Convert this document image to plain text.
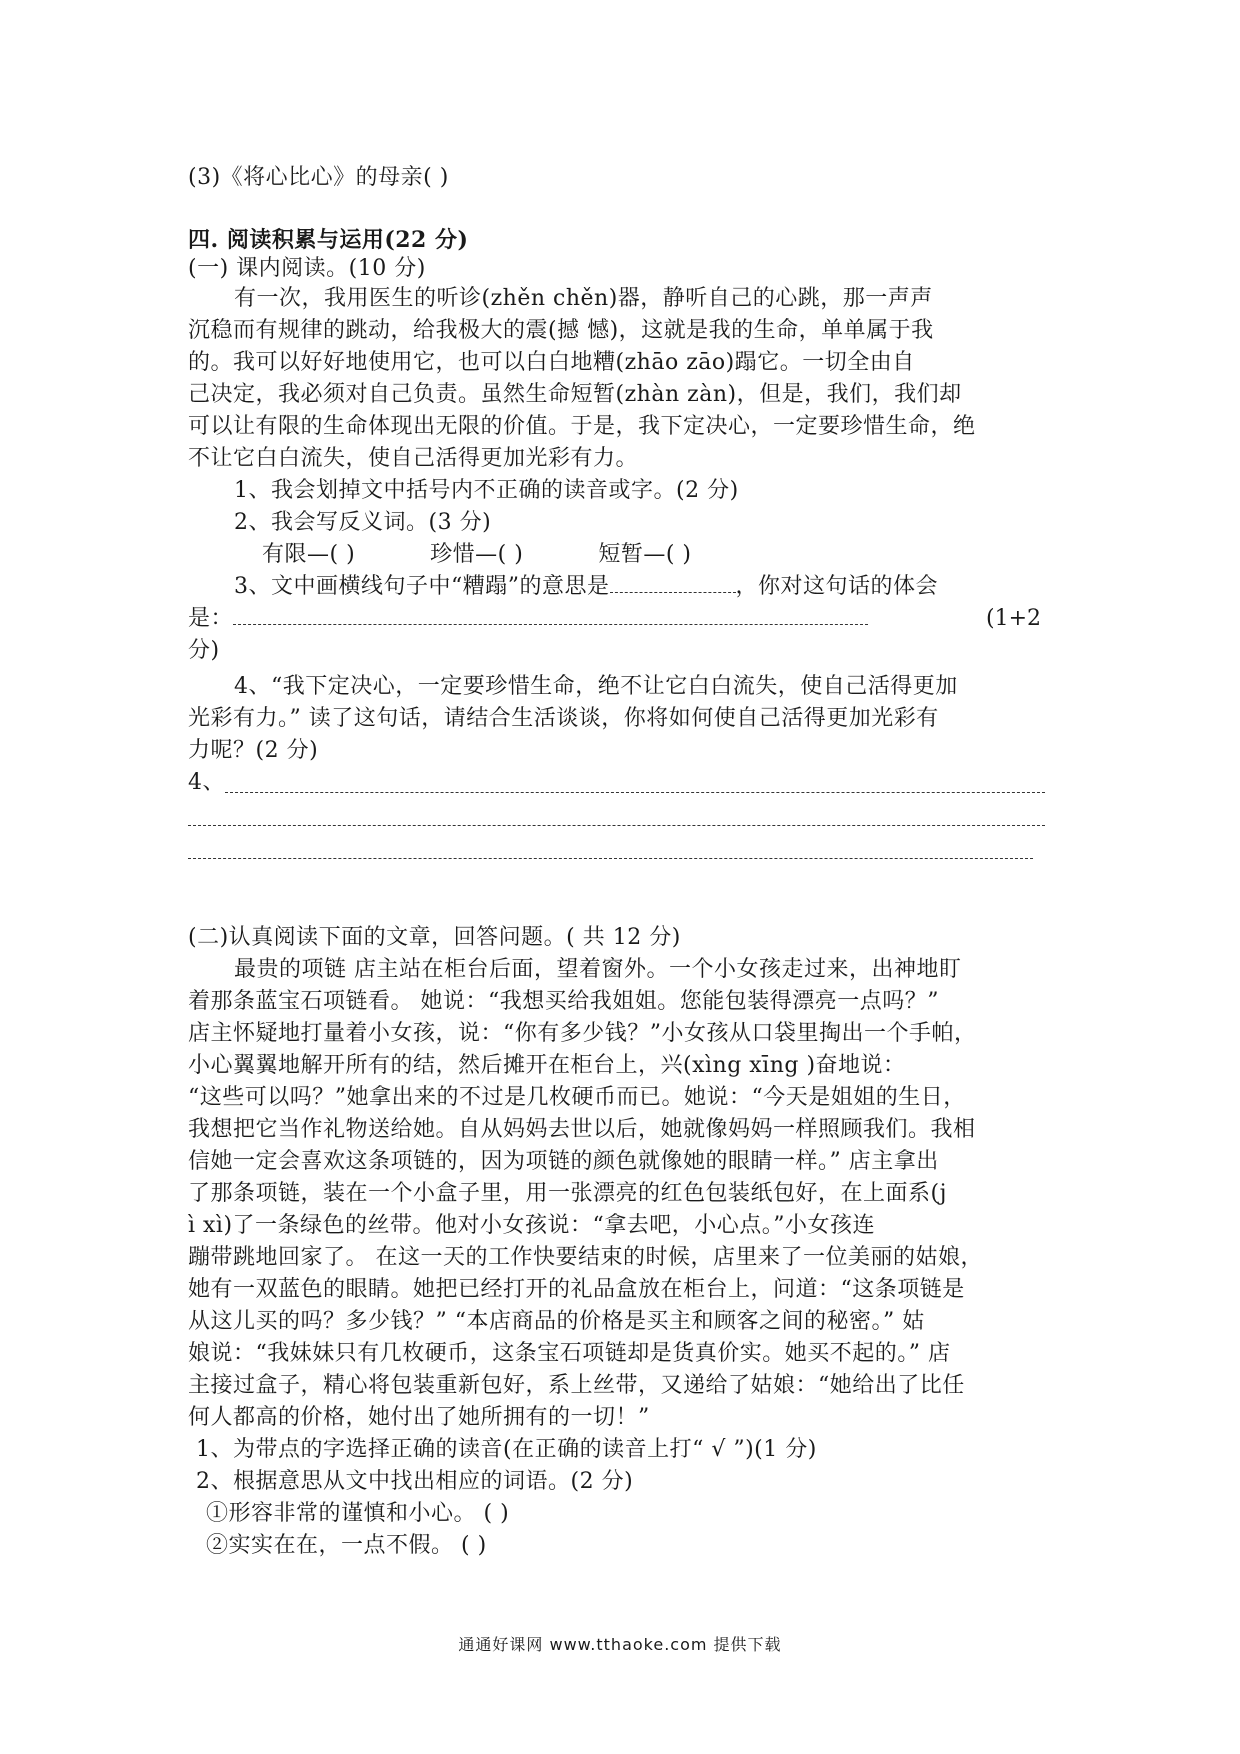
(3)《将心比心》的母亲( )
四. 阅读积累与运用(22 分)
(一) 课内阅读。(10 分)
有一次，我用医生的听诊(zhěn chěn)器，静听自己的心跳，那一声声
沉稳而有规律的跳动，给我极大的震(撼 憾)，这就是我的生命，单单属于我
的。我可以好好地使用它，也可以白白地糟(zhāo zāo)蹋它。一切全由自
己决定，我必须对自己负责。虽然生命短暂(zhàn zàn)，但是，我们，我们却
可以让有限的生命体现出无限的价值。于是，我下定决心，一定要珍惜生命，绝
不让它白白流失，使自己活得更加光彩有力。
1、我会划掉文中括号内不正确的读音或字。(2 分)
2、我会写反义词。(3 分)
有限—( )	珍惜—( )	短暂—( )
3、文中画横线句子中“糟蹋”的意思是	，你对这句话的体会
是：	(1+2
分)
4、“我下定决心，一定要珍惜生命，绝不让它白白流失，使自己活得更加
光彩有力。” 读了这句话，请结合生活谈谈，你将如何使自己活得更加光彩有
力呢？(2 分)
4、
(二)认真阅读下面的文章，回答问题。( 共 12 分)
最贵的项链 店主站在柜台后面，望着窗外。一个小女孩走过来，出神地盯
着那条蓝宝石项链看。 她说：“我想买给我姐姐。您能包装得漂亮一点吗？”
店主怀疑地打量着小女孩，说：“你有多少钱？”小女孩从口袋里掏出一个手帕，
小心翼翼地解开所有的结，然后摊开在柜台上，兴(xìng xīng )奋地说：
“这些可以吗？”她拿出来的不过是几枚硬币而已。她说：“今天是姐姐的生日，
我想把它当作礼物送给她。自从妈妈去世以后，她就像妈妈一样照顾我们。我相
信她一定会喜欢这条项链的，因为项链的颜色就像她的眼睛一样。” 店主拿出
了那条项链，装在一个小盒子里，用一张漂亮的红色包装纸包好，在上面系(j
ì xì)了一条绿色的丝带。他对小女孩说：“拿去吧，小心点。”小女孩连
蹦带跳地回家了。 在这一天的工作快要结束的时候，店里来了一位美丽的姑娘，
她有一双蓝色的眼睛。她把已经打开的礼品盒放在柜台上，问道：“这条项链是
从这儿买的吗？多少钱？” “本店商品的价格是买主和顾客之间的秘密。” 姑
娘说：“我妹妹只有几枚硬币，这条宝石项链却是货真价实。她买不起的。” 店
主接过盒子，精心将包装重新包好，系上丝带，又递给了姑娘：“她给出了比任
何人都高的价格，她付出了她所拥有的一切！”
1、为带点的字选择正确的读音(在正确的读音上打“ √ ”)(1 分)
2、根据意思从文中找出相应的词语。(2 分)
①形容非常的谨慎和小心。 ( )
②实实在在，一点不假。 ( )
通通好课网 www.tthaoke.com 提供下载
